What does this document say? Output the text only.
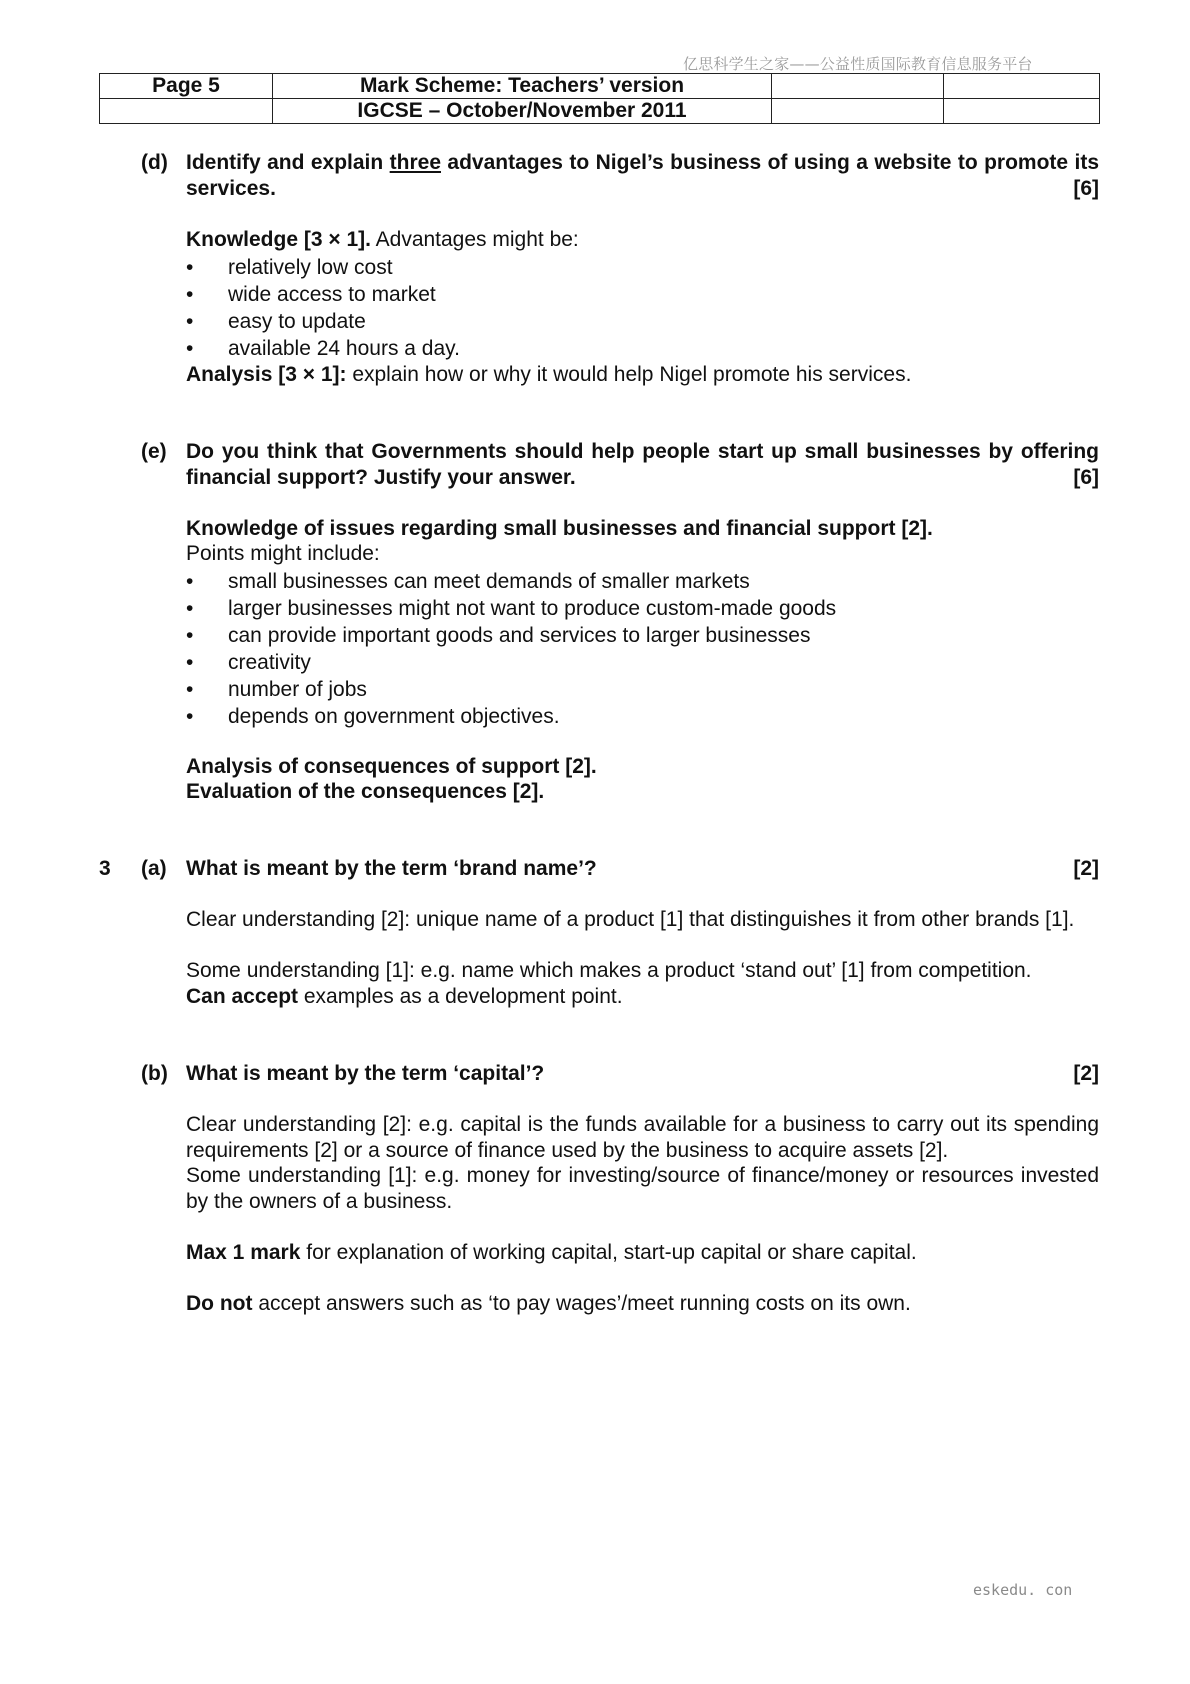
亿思科学生之家——公益性质国际教育信息服务平台
Page 5	Mark Scheme: Teachers’ version		
	IGCSE – October/November 2011		
(d) Identify and explain three advantages to Nigel’s business of using a website to promote its services.	[6]
Knowledge [3 × 1]. Advantages might be:
• relatively low cost
• wide access to market
• easy to update
• available 24 hours a day.
Analysis [3 × 1]: explain how or why it would help Nigel promote his services.
(e) Do you think that Governments should help people start up small businesses by offering financial support? Justify your answer.	[6]
Knowledge of issues regarding small businesses and financial support [2].
Points might include:
• small businesses can meet demands of smaller markets
• larger businesses might not want to produce custom-made goods
• can provide important goods and services to larger businesses
• creativity
• number of jobs
• depends on government objectives.
Analysis of consequences of support [2].
Evaluation of the consequences [2].
3 (a) What is meant by the term ‘brand name’?	[2]
Clear understanding [2]: unique name of a product [1] that distinguishes it from other brands [1].
Some understanding [1]: e.g. name which makes a product ‘stand out’ [1] from competition.
Can accept examples as a development point.
(b) What is meant by the term ‘capital’?	[2]
Clear understanding [2]: e.g. capital is the funds available for a business to carry out its spending requirements [2] or a source of finance used by the business to acquire assets [2].
Some understanding [1]: e.g. money for investing/source of finance/money or resources invested by the owners of a business.
Max 1 mark for explanation of working capital, start-up capital or share capital.
Do not accept answers such as ‘to pay wages’/meet running costs on its own.
eskedu. con
